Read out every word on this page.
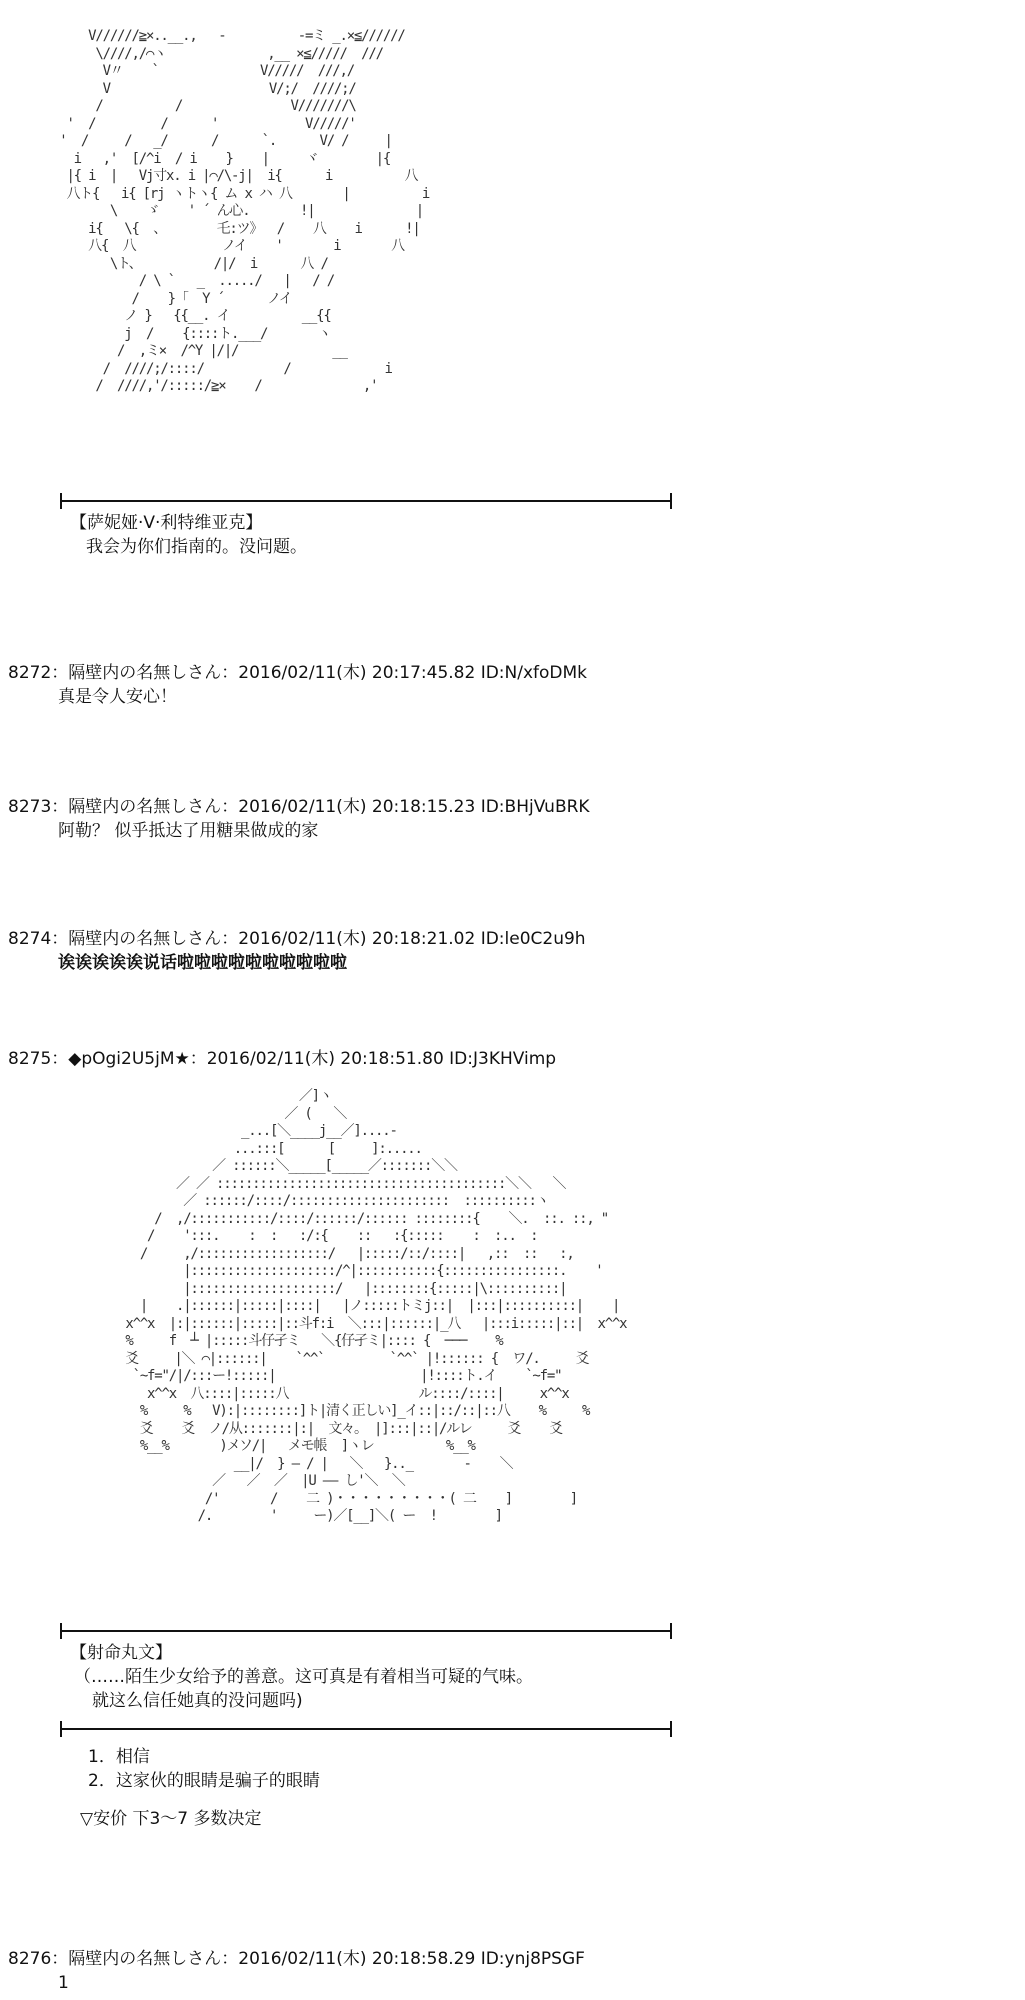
V//////≧×..__.,   -          -=ミ _.×≦//////
\////,/⌒ヽ              ,__ ×≦/////  ///
V〃    `              V/////  ///,/
V                      V/;/  ////;/
/          /               V///////\
'  /         /      '            V/////'
'  /     /   _/      /      `.      V/ /     |
i   ,'  [/^i  / i    }    |     ヾ        |{
|{ i  |   Vj寸x. i |⌒/\-j|  i{      i          八
八ト{   i{ [rj ヽトヽ{ ム x ハ 八       |          i
\    ゞ    ' ´ ん心.       !|              |
i{   \{  、       乇:ツ》  /    八    i      !|
八{  八            ノイ    '       i       八
\ト、          /|/  i      八 /
/ \ `   _  ...../   |   / /
/    }「  Y ´      ノイ
ノ }   {{__. イ          __{{
j  /    {::::ト.___/       ヽ
/  ,ミ×  /^Y |/|/             __
/  ////;/::::/           /             i
/  ////,'/:::::/≧×    /              ,'

【萨妮娅·V·利特维亚克】

我会为你们指南的。没问题。

8272：隔壁内の名無しさん：2016/02/11(木) 20:17:45.82 ID:N/xfoDMk
真是令人安心！
8273：隔壁内の名無しさん：2016/02/11(木) 20:18:15.23 ID:BHjVuBRK
阿勒？ 似乎抵达了用糖果做成的家
8274：隔壁内の名無しさん：2016/02/11(木) 20:18:21.02 ID:le0C2u9h
诶诶诶诶诶说话啦啦啦啦啦啦啦啦啦啦
8275：◆pOgi2U5jM★：2016/02/11(木) 20:18:51.80 ID:J3KHVimp
／]ヽ
／ (   ＼
_...[＼____j__／]....-
...:::[      [     ]:.....
／ ::::::＼_____[_____／:::::::＼＼
／ ／ ::::::::::::::::::::::::::::::::::::::::＼＼   ＼
／ ::::::/::::/::::::::::::::::::::::  ::::::::::ヽ
/  ,/:::::::::::/::::/::::::/:::::: ::::::::{    ＼.  ::. ::, "
/    ':::.    :  :   :/:{    ::   :{:::::    :  :..  :
/     ,/::::::::::::::::::/   |:::::/::/::::|   ,::  ::   :,
|::::::::::::::::::::/^|:::::::::::{::::::::::::::::.    '
|::::::::::::::::::::/   |::::::::{:::::|\::::::::::|
|    .|::::::|:::::|::::|   |ノ:::::トミj::|  |:::|::::::::::|    |
x^^x  |:|::::::|:::::|::斗f:i  ＼:::|::::::|_八   |:::i:::::|::|  x^^x
%     f  ┴ |:::::斗仔孑ミ   ＼{仔孑ミ|:::: {  ───    %
爻     |＼ ⌒|::::::|    `^^`         `^^` |!:::::: {  ワ/.     爻
`~f="/|/:::ー!:::::|                    |!::::ト.イ    `~f="
x^^x  八::::|:::::八                  ル::::/::::|     x^^x
%     %   V):|::::::::]ト|清く正しい]_イ::|::/::|::八    %     %
爻    爻  ノ/从:::::::|:|  文々。 |]:::|::|/ルレ     爻    爻
%__%       )メソ/|   メモ帳  ]ヽレ          %__%
__|/  } ― / |   ＼   }.._       -    ＼
／   ／  ／  |U ―― し'＼  ＼
/'       /    二 )・・・・・・・・・( 二    ]        ]
/.        '     ー)／[__]＼( ー  !        ]

【射命丸文】

（……陌生少女给予的善意。这可真是有着相当可疑的气味。

就这么信任她真的没问题吗)

1．相信

2．这家伙的眼睛是骗子的眼睛

▽安价 下3～7 多数决定

8276：隔壁内の名無しさん：2016/02/11(木) 20:18:58.29 ID:ynj8PSGF
1
